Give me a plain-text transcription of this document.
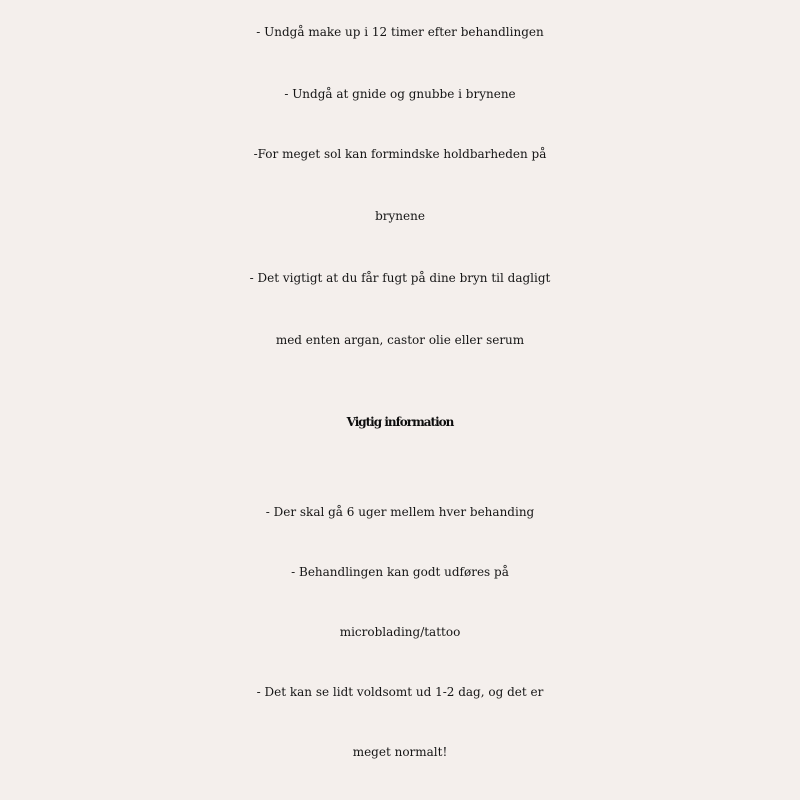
- Undgå make up i 12 timer efter behandlingen
- Undgå at gnide og gnubbe i brynene
-For meget sol kan formindske holdbarheden på
brynene
- Det vigtigt at du får fugt på dine bryn til dagligt
med enten argan, castor olie eller serum
Vigtig information
- Der skal gå 6 uger mellem hver behanding
- Behandlingen kan godt udføres på
microblading/tattoo
- Det kan se lidt voldsomt ud 1-2 dag, og det er
meget normalt!
